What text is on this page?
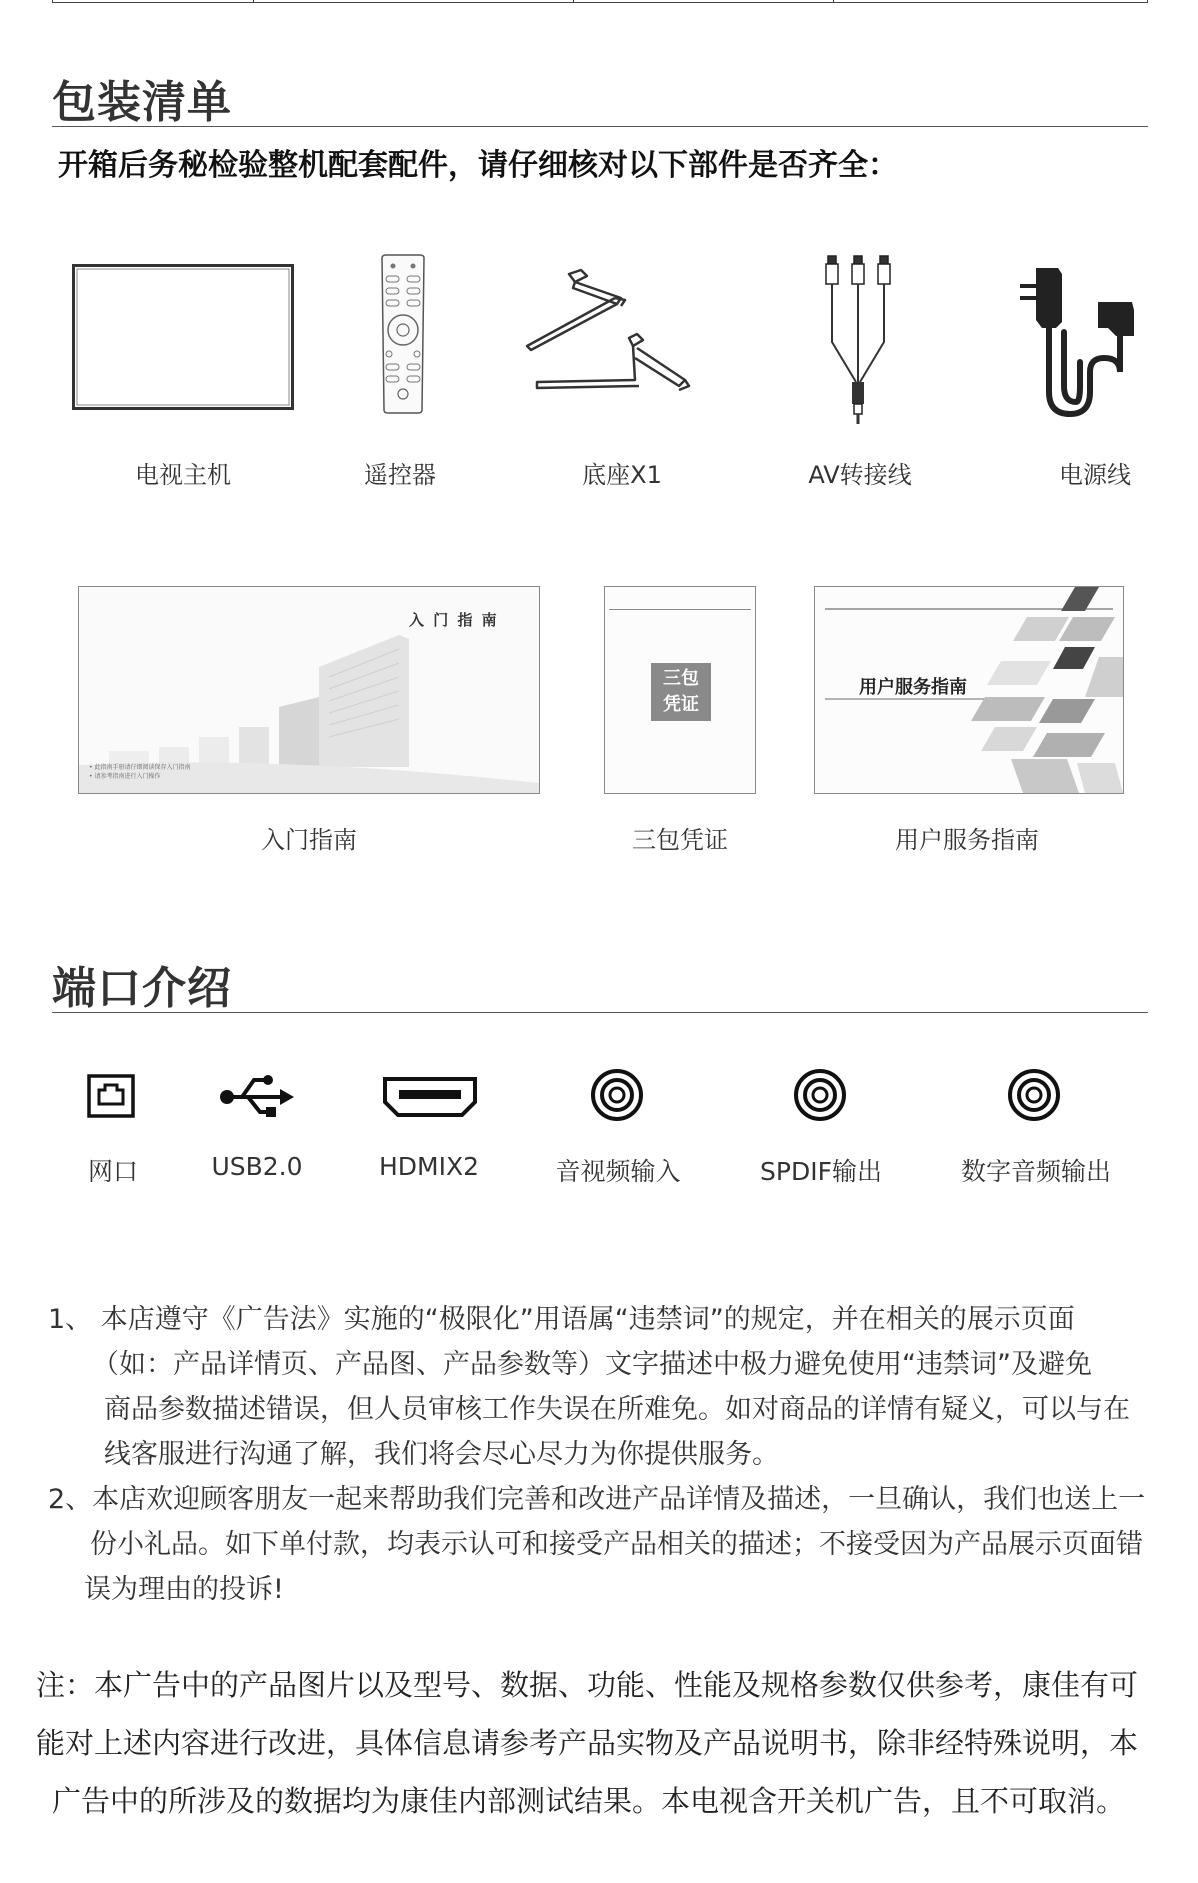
包装清单
开箱后务秘检验整机配套配件，请仔细核对以下部件是否齐全：
电视主机	遥控器	底座X1	AV转接线	电源线
入 门 指 南
• 此指南手册请仔细阅读保存入门指南
• 请参考指南进行入门操作
三包
凭证
用户服务指南
入门指南	三包凭证	用户服务指南
端口介绍
网口	USB2.0	HDMIX2	音视频输入	SPDIF输出	数字音频输出
1、 本店遵守《广告法》实施的“极限化”用语属“违禁词”的规定，并在相关的展示页面
（如：产品详情页、产品图、产品参数等）文字描述中极力避免使用“违禁词”及避免
商品参数描述错误，但人员审核工作失误在所难免。如对商品的详情有疑义，可以与在
线客服进行沟通了解，我们将会尽心尽力为你提供服务。
2、本店欢迎顾客朋友一起来帮助我们完善和改进产品详情及描述，一旦确认，我们也送上一
份小礼品。如下单付款，均表示认可和接受产品相关的描述；不接受因为产品展示页面错
误为理由的投诉!
注：本广告中的产品图片以及型号、数据、功能、性能及规格参数仅供参考，康佳有可
能对上述内容进行改进，具体信息请参考产品实物及产品说明书，除非经特殊说明，本
广告中的所涉及的数据均为康佳内部测试结果。本电视含开关机广告，且不可取消。
